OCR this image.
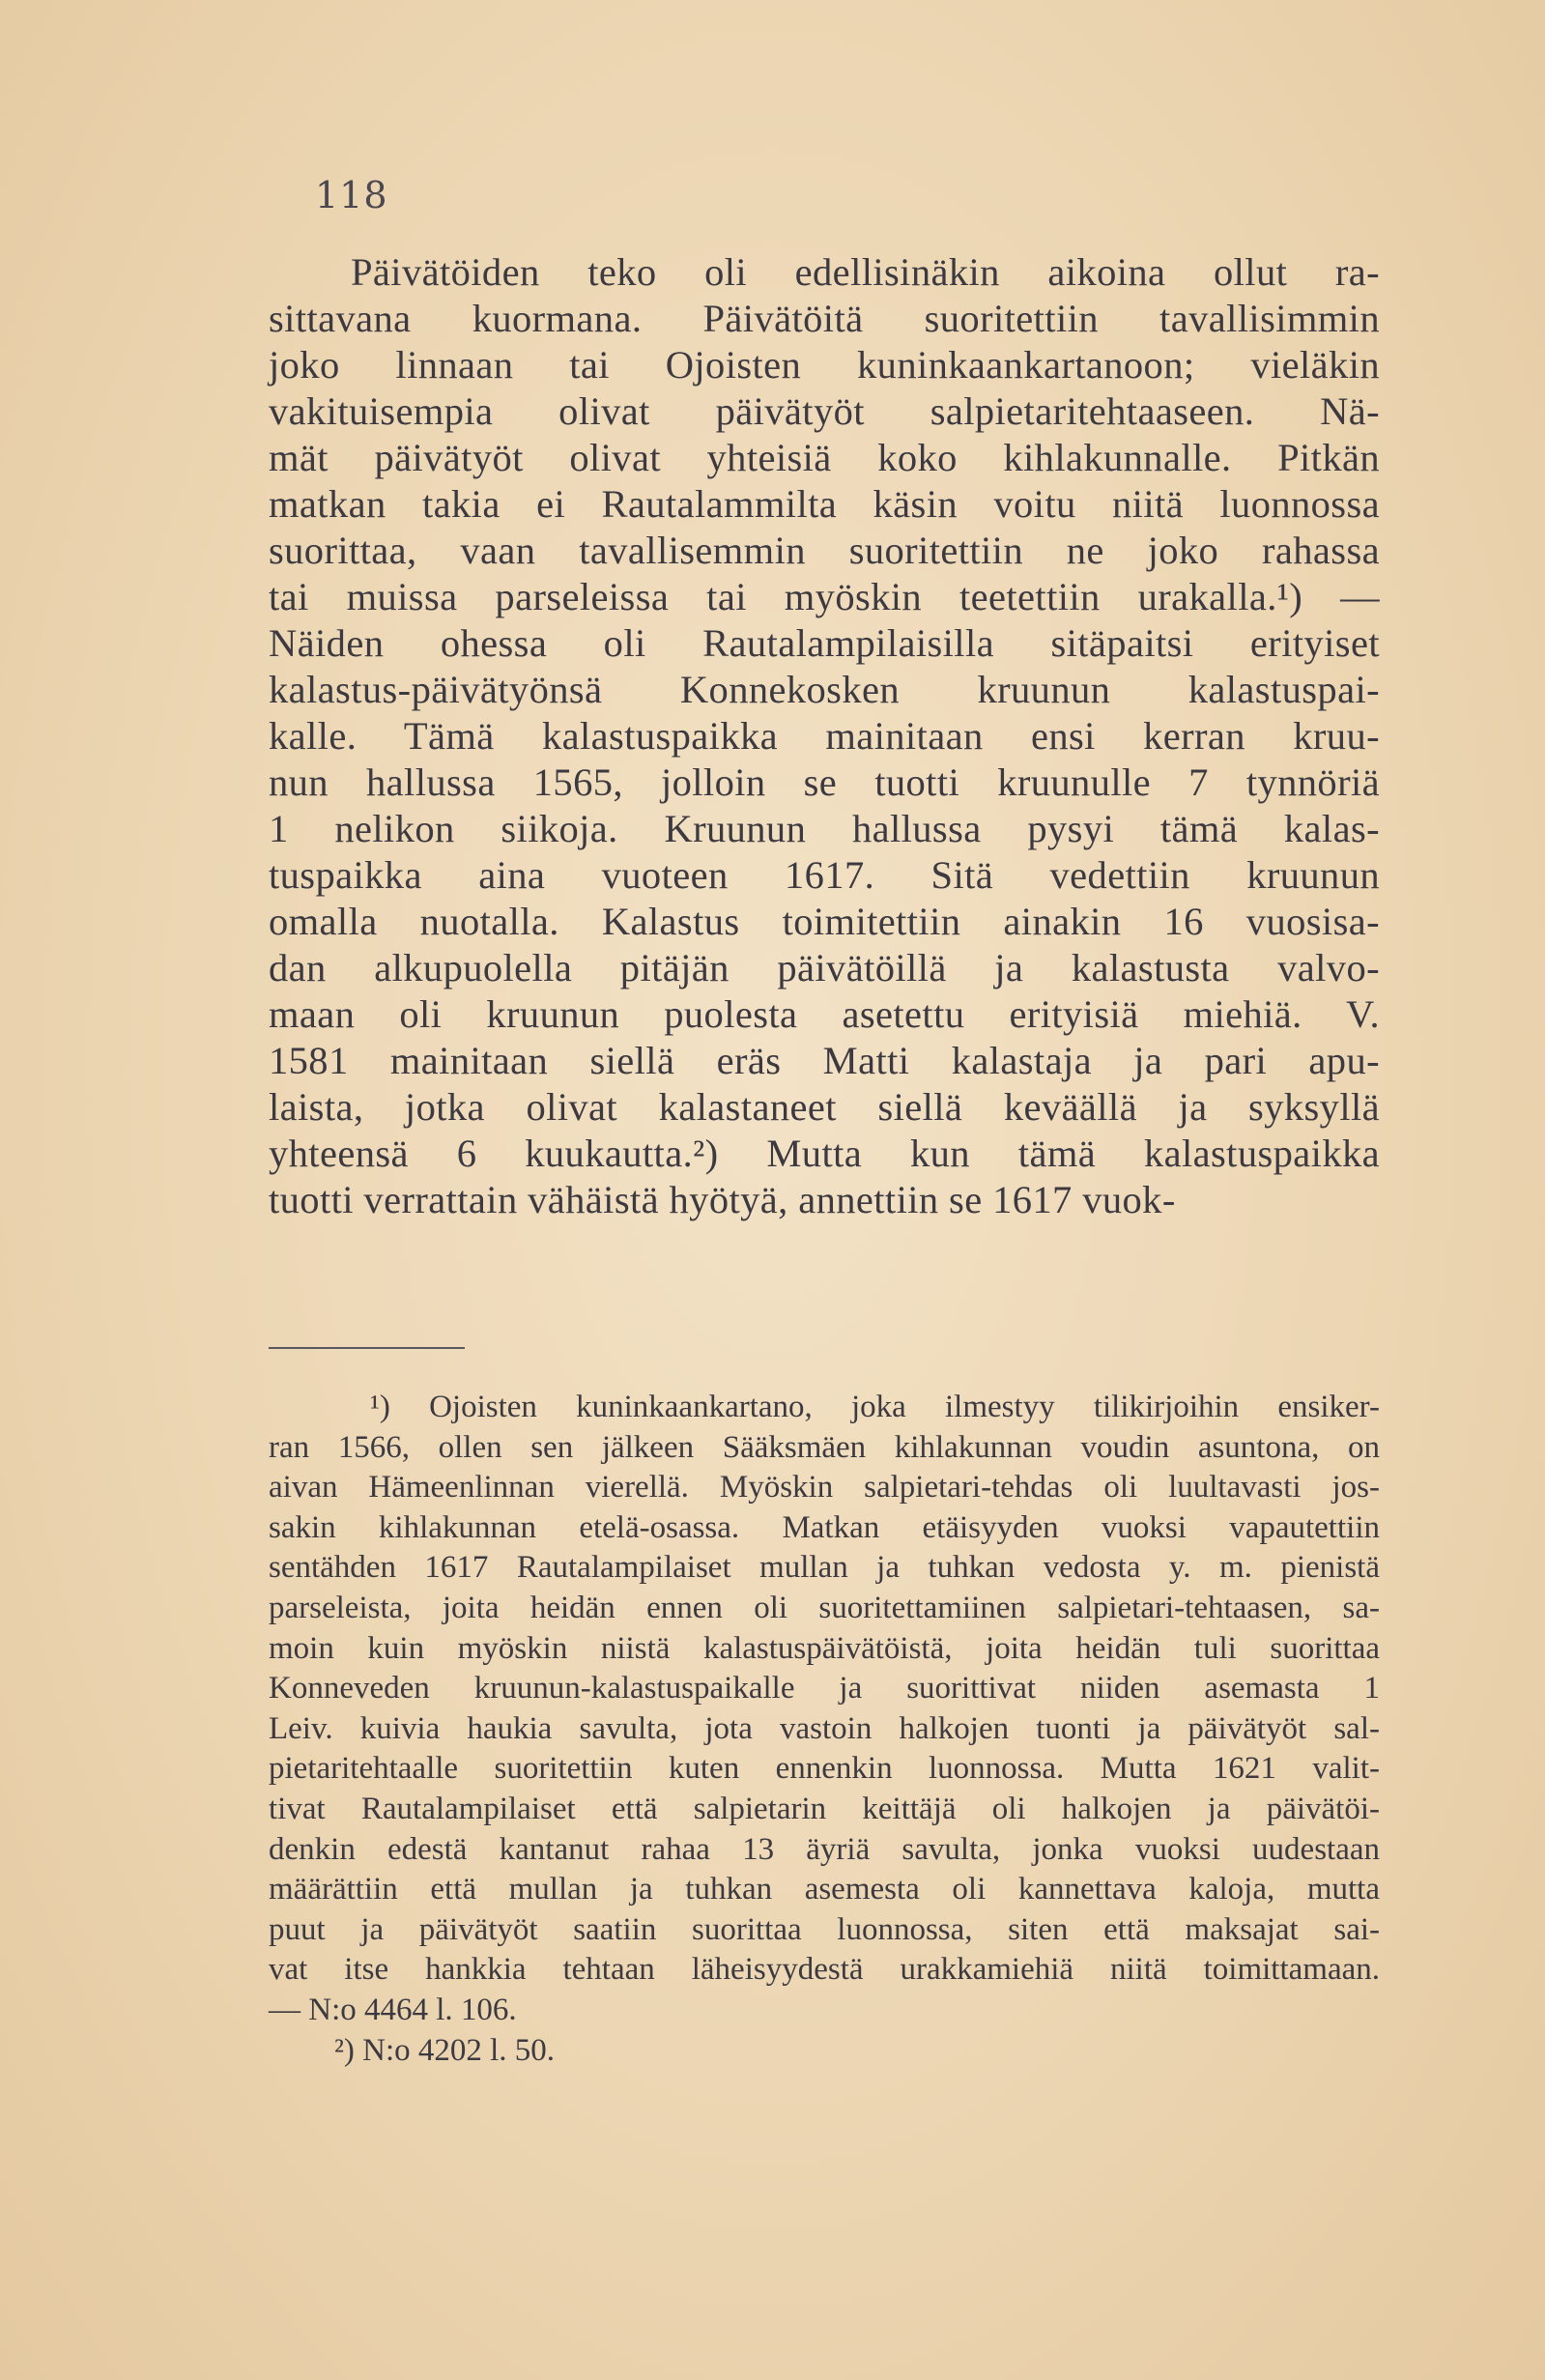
118
Päivätöiden teko oli edellisinäkin aikoina ollut ra-
sittavana kuormana. Päivätöitä suoritettiin tavallisimmin
joko linnaan tai Ojoisten kuninkaankartanoon; vieläkin
vakituisempia olivat päivätyöt salpietaritehtaaseen. Nä-
mät päivätyöt olivat yhteisiä koko kihlakunnalle. Pitkän
matkan takia ei Rautalammilta käsin voitu niitä luonnossa
suorittaa, vaan tavallisemmin suoritettiin ne joko rahassa
tai muissa parseleissa tai myöskin teetettiin urakalla.¹) —
Näiden ohessa oli Rautalampilaisilla sitäpaitsi erityiset
kalastus-päivätyönsä Konnekosken kruunun kalastuspai-
kalle. Tämä kalastuspaikka mainitaan ensi kerran kruu-
nun hallussa 1565, jolloin se tuotti kruunulle 7 tynnöriä
1 nelikon siikoja. Kruunun hallussa pysyi tämä kalas-
tuspaikka aina vuoteen 1617. Sitä vedettiin kruunun
omalla nuotalla. Kalastus toimitettiin ainakin 16 vuosisa-
dan alkupuolella pitäjän päivätöillä ja kalastusta valvo-
maan oli kruunun puolesta asetettu erityisiä miehiä. V.
1581 mainitaan siellä eräs Matti kalastaja ja pari apu-
laista, jotka olivat kalastaneet siellä keväällä ja syksyllä
yhteensä 6 kuukautta.²) Mutta kun tämä kalastuspaikka
tuotti verrattain vähäistä hyötyä, annettiin se 1617 vuok-
¹) Ojoisten kuninkaankartano, joka ilmestyy tilikirjoihin ensiker-
ran 1566, ollen sen jälkeen Sääksmäen kihlakunnan voudin asuntona, on
aivan Hämeenlinnan vierellä. Myöskin salpietari-tehdas oli luultavasti jos-
sakin kihlakunnan etelä-osassa. Matkan etäisyyden vuoksi vapautettiin
sentähden 1617 Rautalampilaiset mullan ja tuhkan vedosta y. m. pienistä
parseleista, joita heidän ennen oli suoritettamiinen salpietari-tehtaasen, sa-
moin kuin myöskin niistä kalastuspäivätöistä, joita heidän tuli suorittaa
Konneveden kruunun-kalastuspaikalle ja suorittivat niiden asemasta 1
Leiv. kuivia haukia savulta, jota vastoin halkojen tuonti ja päivätyöt sal-
pietaritehtaalle suoritettiin kuten ennenkin luonnossa. Mutta 1621 valit-
tivat Rautalampilaiset että salpietarin keittäjä oli halkojen ja päivätöi-
denkin edestä kantanut rahaa 13 äyriä savulta, jonka vuoksi uudestaan
määrättiin että mullan ja tuhkan asemesta oli kannettava kaloja, mutta
puut ja päivätyöt saatiin suorittaa luonnossa, siten että maksajat sai-
vat itse hankkia tehtaan läheisyydestä urakkamiehiä niitä toimittamaan.
— N:o 4464 l. 106.
²) N:o 4202 l. 50.
